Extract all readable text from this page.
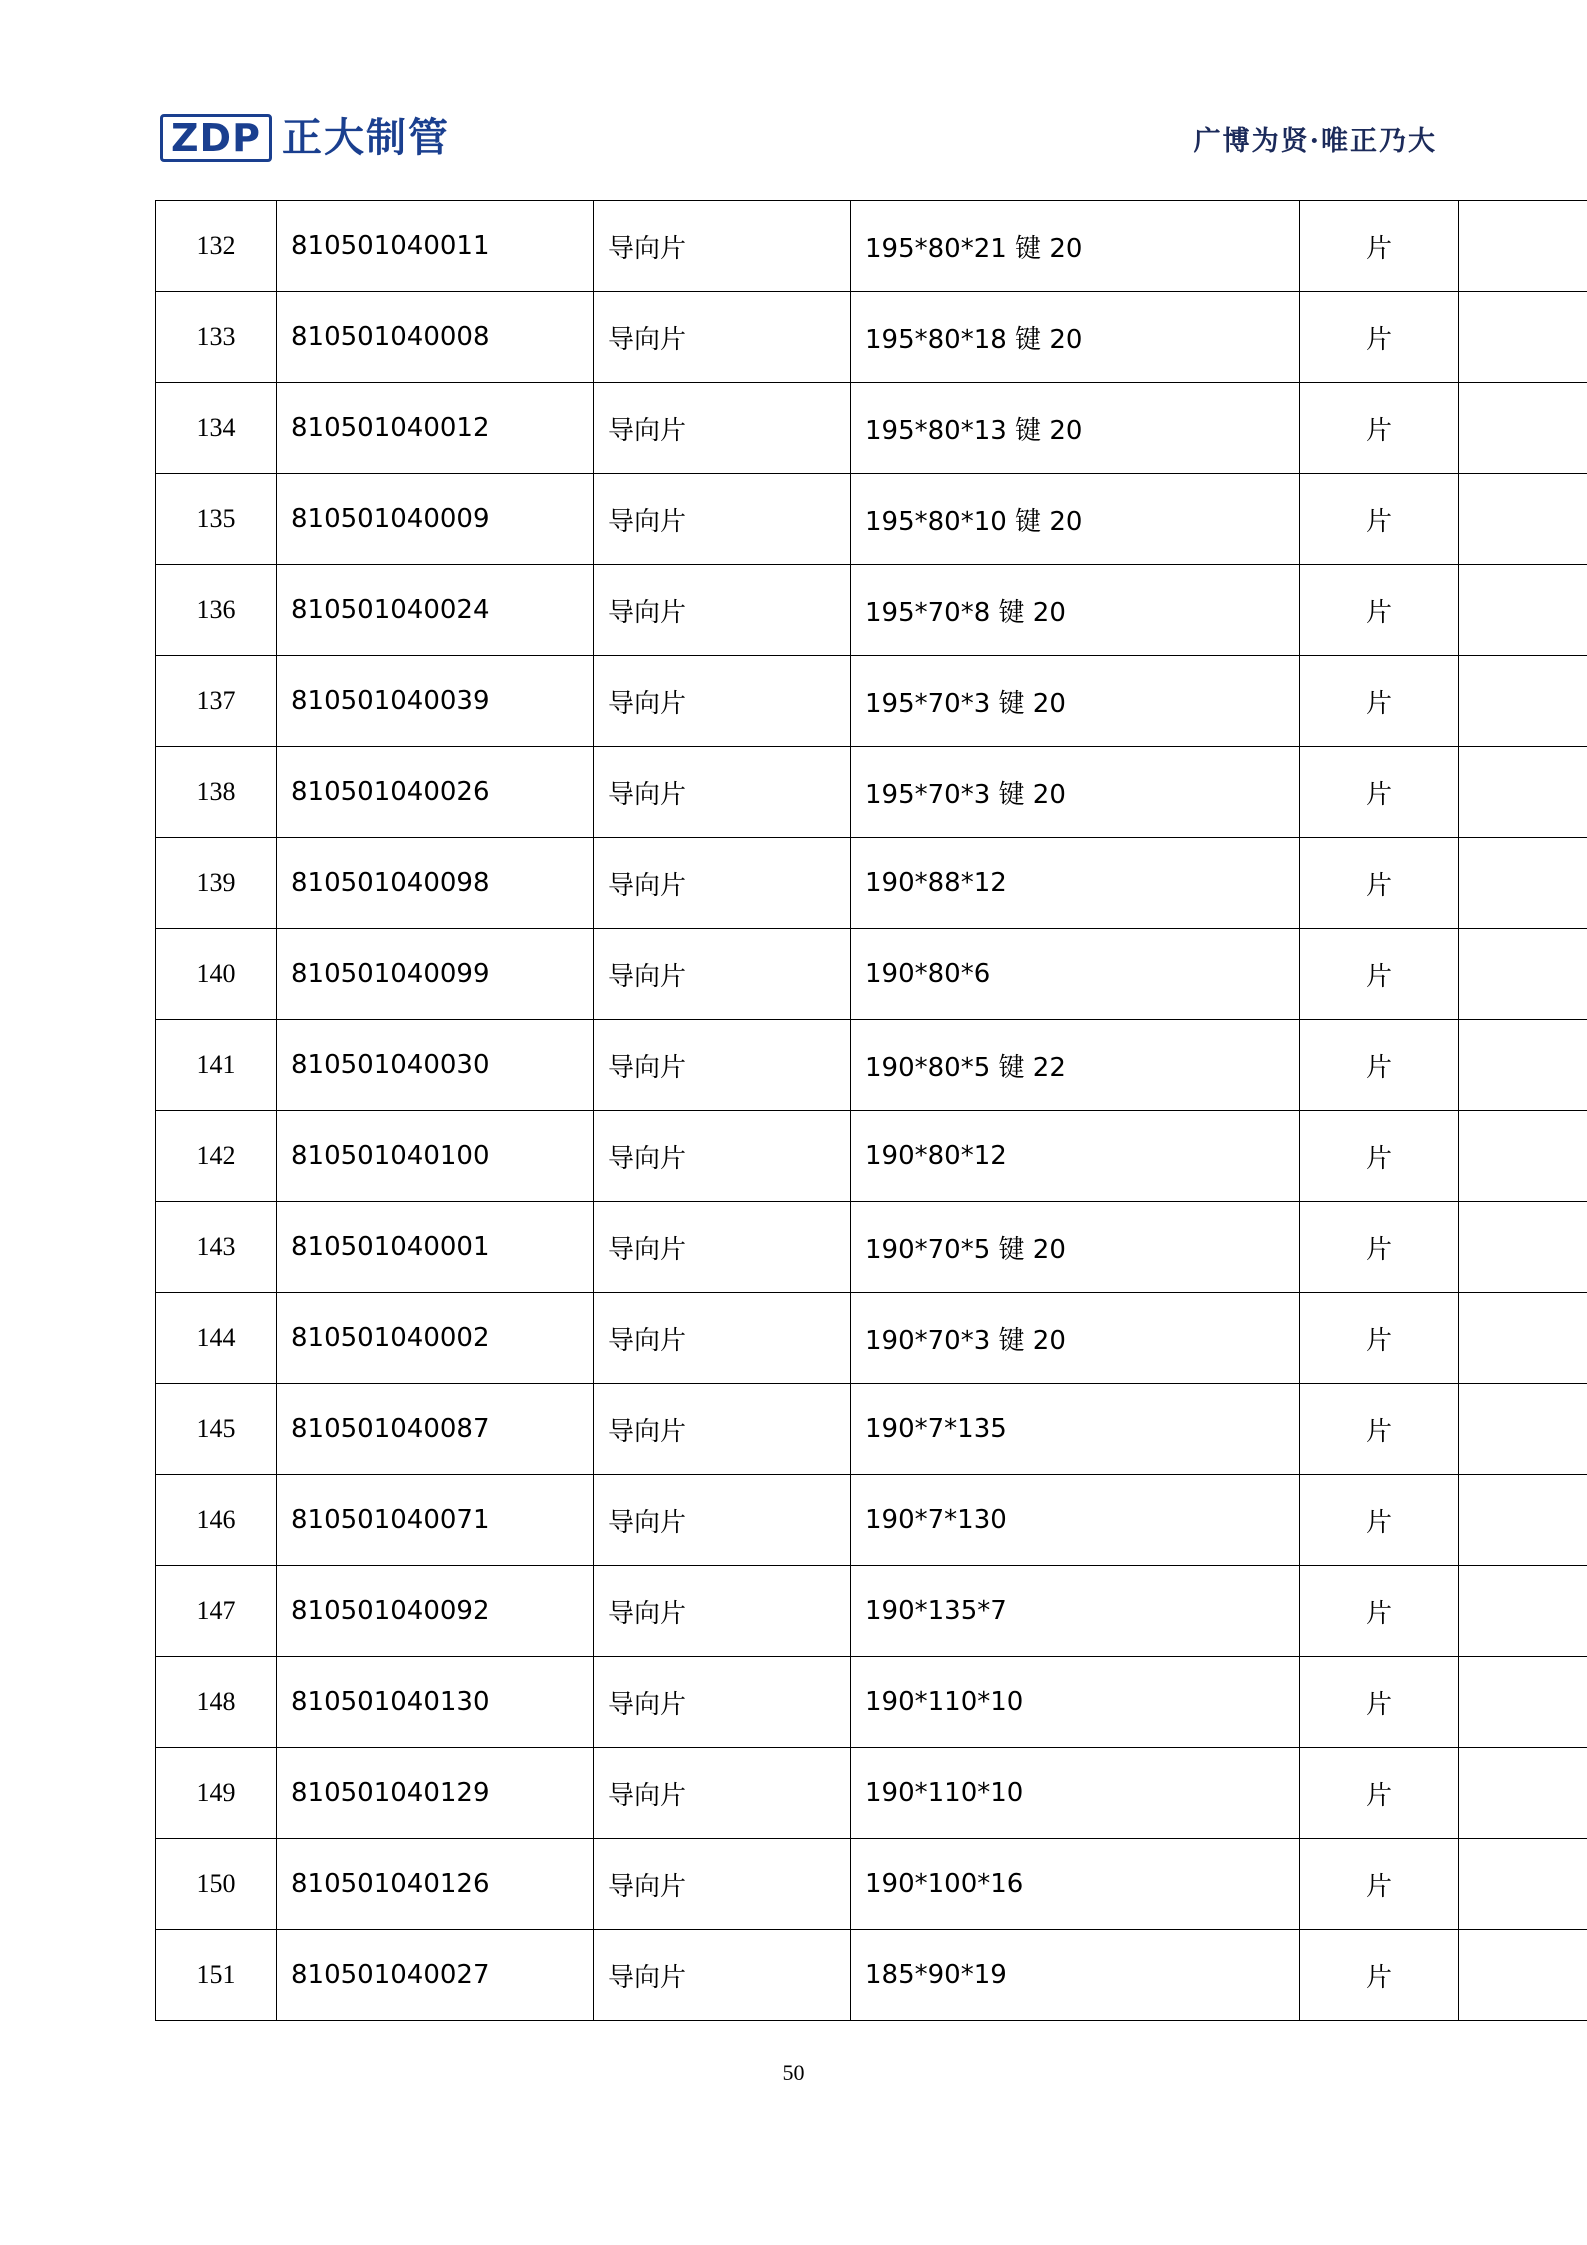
ZDP 正大制管	广博为贤·唯正乃大
132	810501040011	导向片	195*80*21 键 20	片	
133	810501040008	导向片	195*80*18 键 20	片	
134	810501040012	导向片	195*80*13 键 20	片	
135	810501040009	导向片	195*80*10 键 20	片	
136	810501040024	导向片	195*70*8 键 20	片	
137	810501040039	导向片	195*70*3 键 20	片	
138	810501040026	导向片	195*70*3 键 20	片	
139	810501040098	导向片	190*88*12	片	
140	810501040099	导向片	190*80*6	片	
141	810501040030	导向片	190*80*5 键 22	片	
142	810501040100	导向片	190*80*12	片	
143	810501040001	导向片	190*70*5 键 20	片	
144	810501040002	导向片	190*70*3 键 20	片	
145	810501040087	导向片	190*7*135	片	
146	810501040071	导向片	190*7*130	片	
147	810501040092	导向片	190*135*7	片	
148	810501040130	导向片	190*110*10	片	
149	810501040129	导向片	190*110*10	片	
150	810501040126	导向片	190*100*16	片	
151	810501040027	导向片	185*90*19	片	
50
